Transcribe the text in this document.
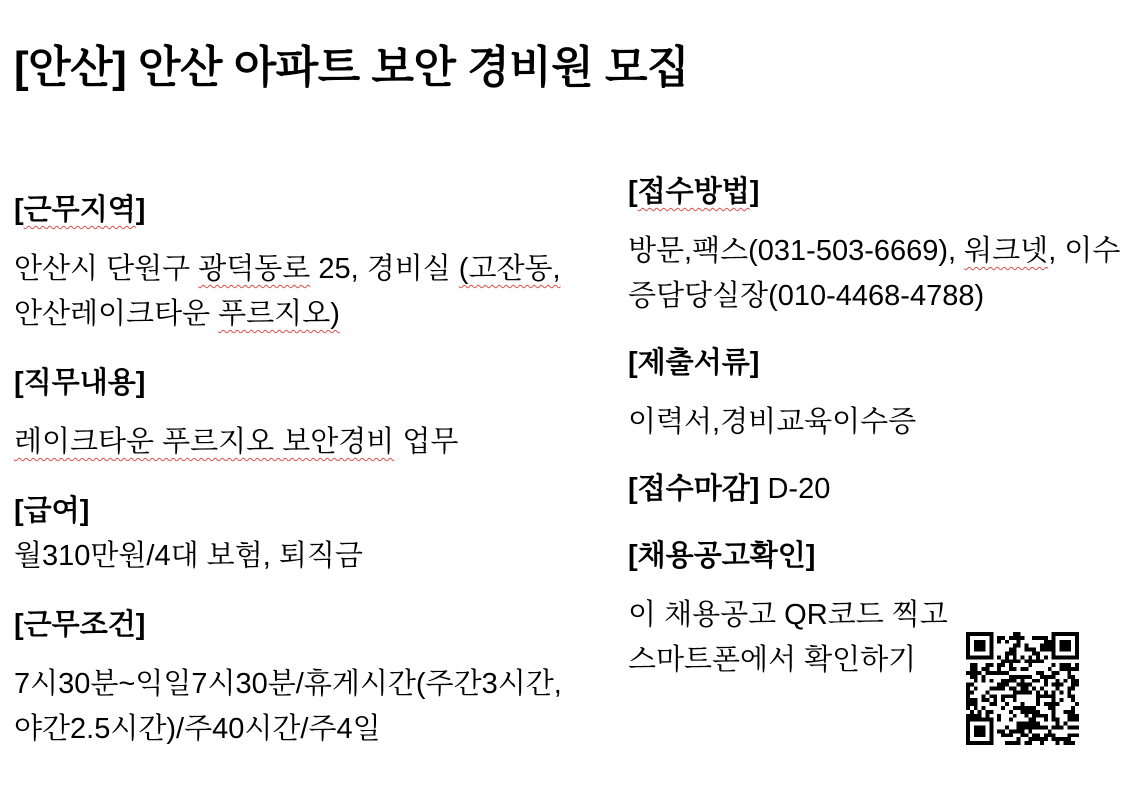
[안산] 안산 아파트 보안 경비원 모집

[근무지역]

안산시 단원구 광덕동로 25, 경비실 (고잔동,
안산레이크타운 푸르지오)

[직무내용]

레이크타운 푸르지오 보안경비 업무

[급여]

월310만원/4대 보험, 퇴직금

[근무조건]

7시30분~익일7시30분/휴게시간(주간3시간,
야간2.5시간)/주40시간/주4일

[접수방법]

방문,팩스(031-503-6669), 워크넷, 이수
증담당실장(010-4468-4788)

[제출서류]

이력서,경비교육이수증

[접수마감] D-20

[채용공고확인]

이 채용공고 QR코드 찍고
스마트폰에서 확인하기
